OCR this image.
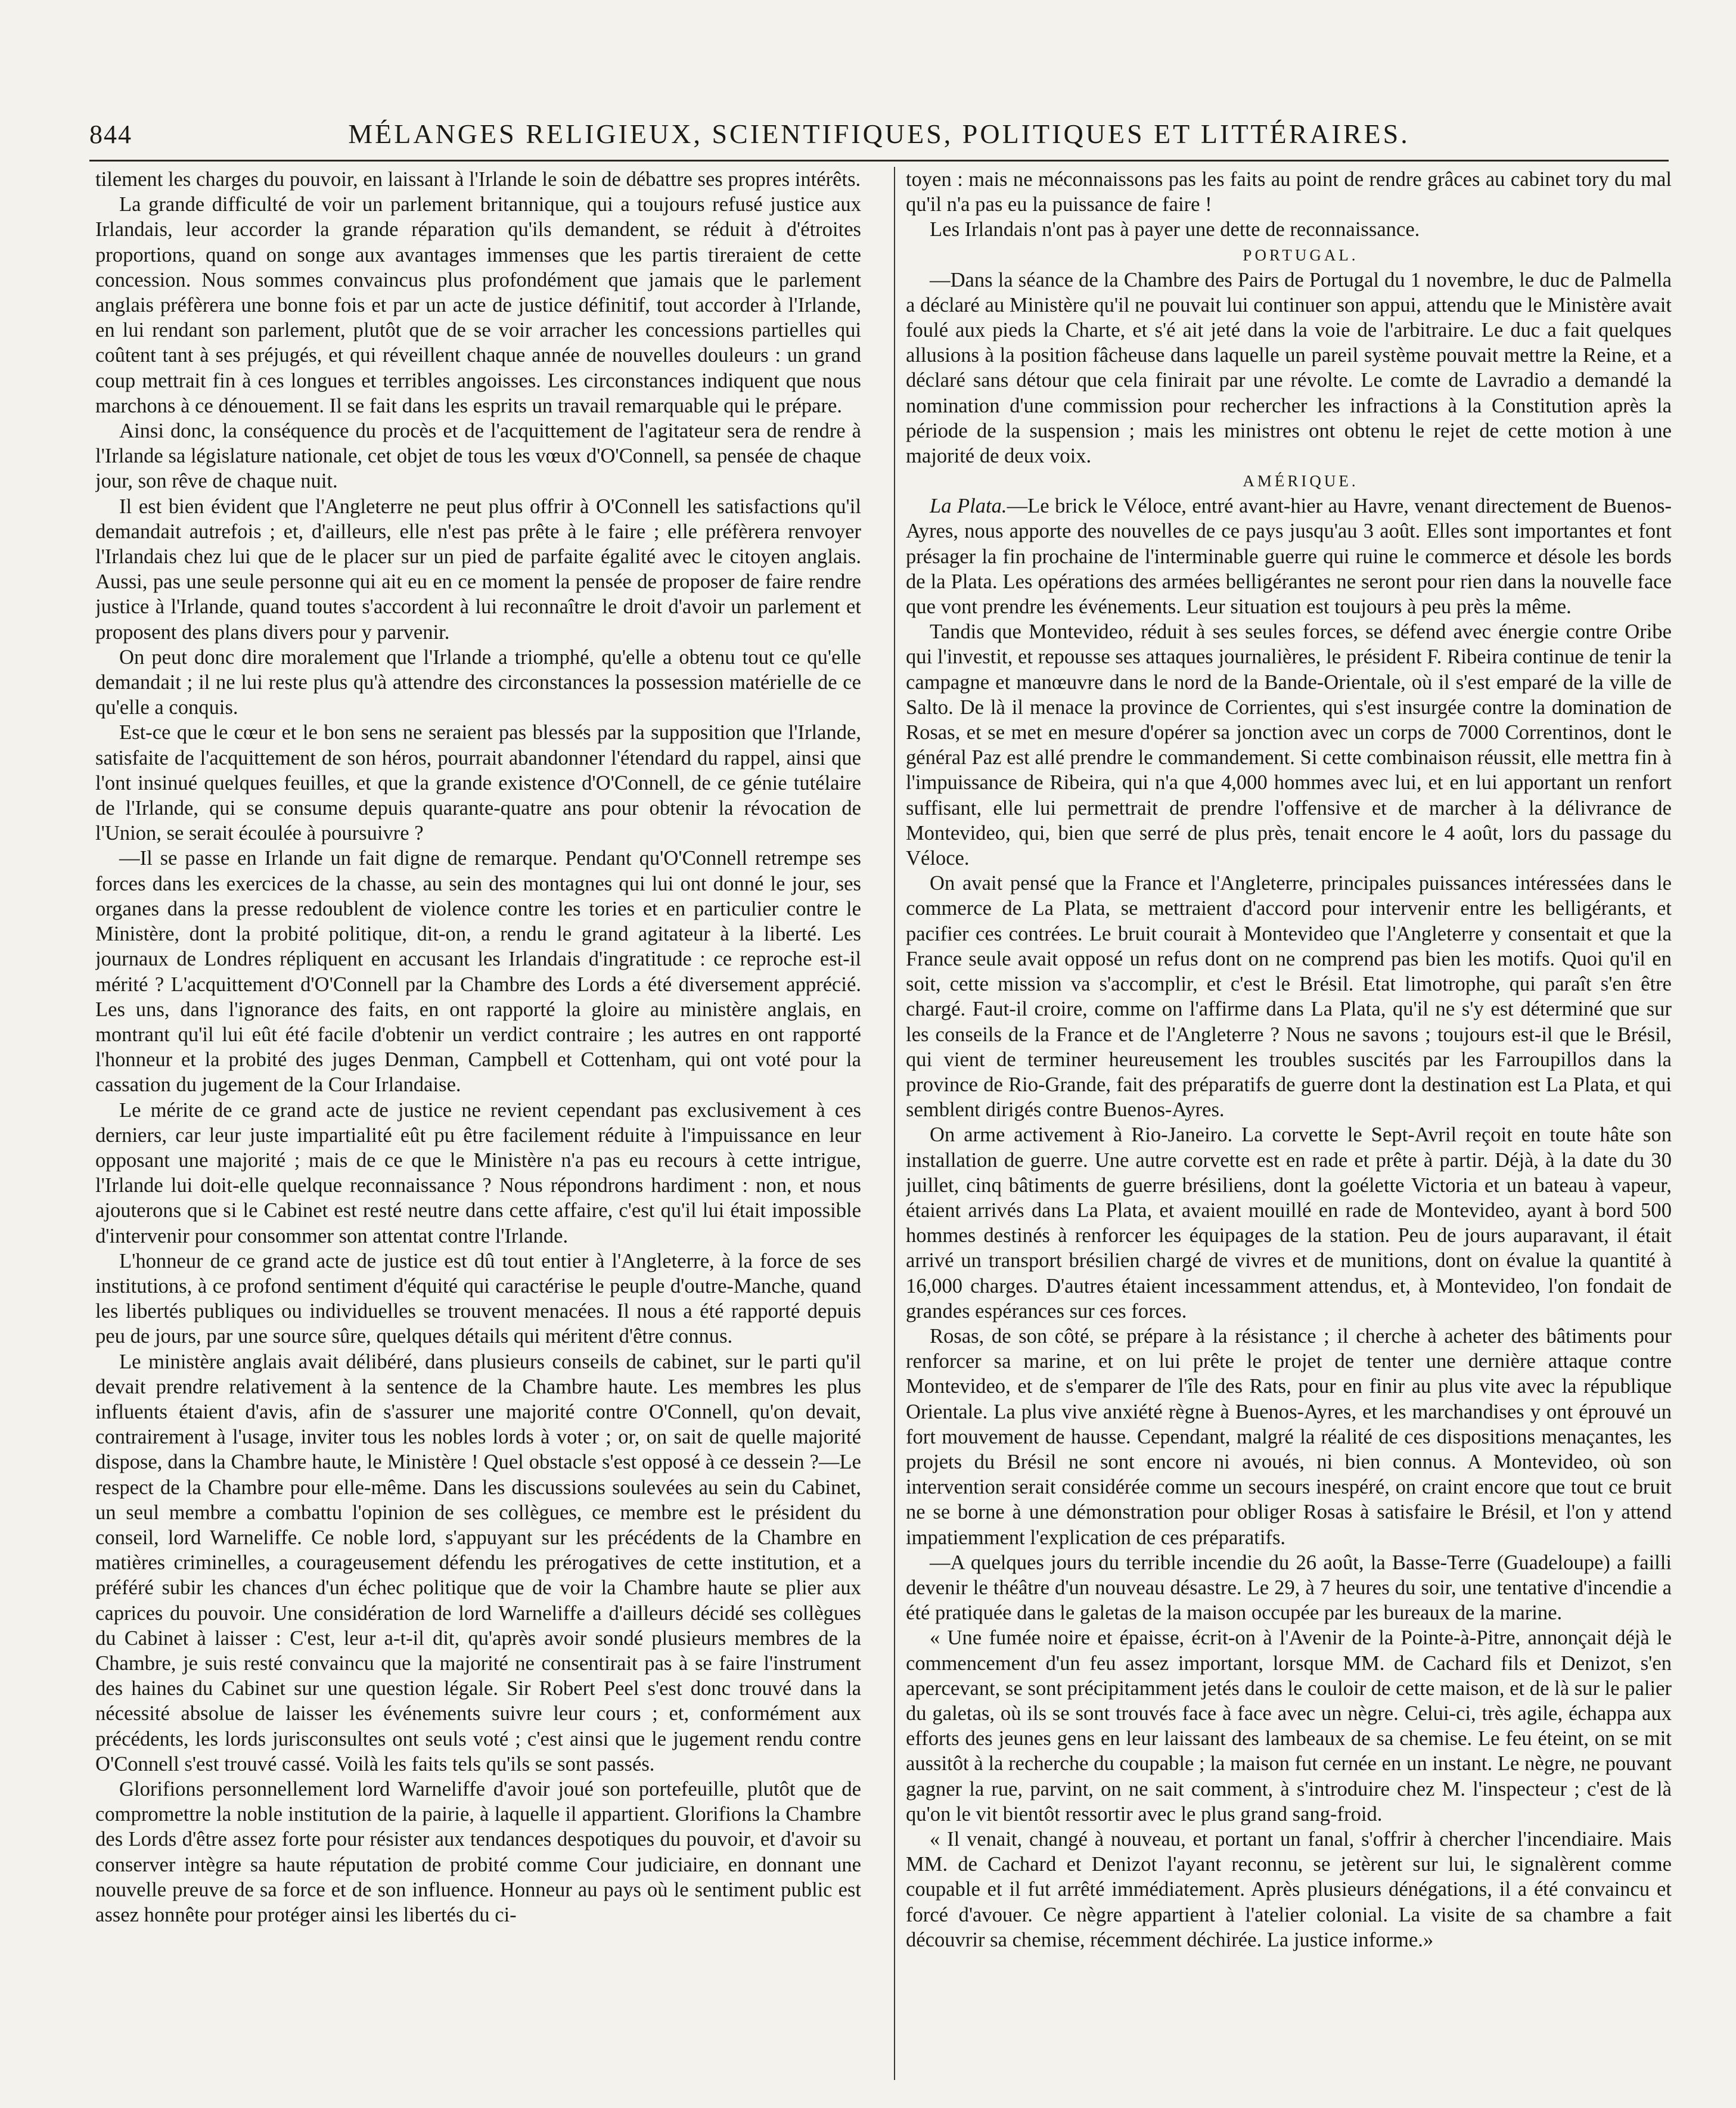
844	MÉLANGES RELIGIEUX, SCIENTIFIQUES, POLITIQUES ET LITTÉRAIRES.

tilement les charges du pouvoir, en laissant à l'Irlande le soin de débattre ses propres intérêts.

La grande difficulté de voir un parlement britannique, qui a toujours refusé justice aux Irlandais, leur accorder la grande réparation qu'ils demandent, se réduit à d'étroites proportions, quand on songe aux avantages immenses que les partis tireraient de cette concession. Nous sommes convaincus plus profondément que jamais que le parlement anglais préfèrera une bonne fois et par un acte de justice définitif, tout accorder à l'Irlande, en lui rendant son parlement, plutôt que de se voir arracher les concessions partielles qui coûtent tant à ses préjugés, et qui réveillent chaque année de nouvelles douleurs : un grand coup mettrait fin à ces longues et terribles angoisses. Les circonstances indiquent que nous marchons à ce dénouement. Il se fait dans les esprits un travail remarquable qui le prépare.

Ainsi donc, la conséquence du procès et de l'acquittement de l'agitateur sera de rendre à l'Irlande sa législature nationale, cet objet de tous les vœux d'O'Connell, sa pensée de chaque jour, son rêve de chaque nuit.

Il est bien évident que l'Angleterre ne peut plus offrir à O'Connell les satisfactions qu'il demandait autrefois ; et, d'ailleurs, elle n'est pas prête à le faire ; elle préfèrera renvoyer l'Irlandais chez lui que de le placer sur un pied de parfaite égalité avec le citoyen anglais. Aussi, pas une seule personne qui ait eu en ce moment la pensée de proposer de faire rendre justice à l'Irlande, quand toutes s'accordent à lui reconnaître le droit d'avoir un parlement et proposent des plans divers pour y parvenir.

On peut donc dire moralement que l'Irlande a triomphé, qu'elle a obtenu tout ce qu'elle demandait ; il ne lui reste plus qu'à attendre des circonstances la possession matérielle de ce qu'elle a conquis.

Est-ce que le cœur et le bon sens ne seraient pas blessés par la supposition que l'Irlande, satisfaite de l'acquittement de son héros, pourrait abandonner l'étendard du rappel, ainsi que l'ont insinué quelques feuilles, et que la grande existence d'O'Connell, de ce génie tutélaire de l'Irlande, qui se consume depuis quarante-quatre ans pour obtenir la révocation de l'Union, se serait écoulée à poursuivre ?

—Il se passe en Irlande un fait digne de remarque. Pendant qu'O'Connell retrempe ses forces dans les exercices de la chasse, au sein des montagnes qui lui ont donné le jour, ses organes dans la presse redoublent de violence contre les tories et en particulier contre le Ministère, dont la probité politique, dit-on, a rendu le grand agitateur à la liberté. Les journaux de Londres répliquent en accusant les Irlandais d'ingratitude : ce reproche est-il mérité ? L'acquittement d'O'Connell par la Chambre des Lords a été diversement apprécié. Les uns, dans l'ignorance des faits, en ont rapporté la gloire au ministère anglais, en montrant qu'il lui eût été facile d'obtenir un verdict contraire ; les autres en ont rapporté l'honneur et la probité des juges Denman, Campbell et Cottenham, qui ont voté pour la cassation du jugement de la Cour Irlandaise.

Le mérite de ce grand acte de justice ne revient cependant pas exclusivement à ces derniers, car leur juste impartialité eût pu être facilement réduite à l'impuissance en leur opposant une majorité ; mais de ce que le Ministère n'a pas eu recours à cette intrigue, l'Irlande lui doit-elle quelque reconnaissance ? Nous répondrons hardiment : non, et nous ajouterons que si le Cabinet est resté neutre dans cette affaire, c'est qu'il lui était impossible d'intervenir pour consommer son attentat contre l'Irlande.

L'honneur de ce grand acte de justice est dû tout entier à l'Angleterre, à la force de ses institutions, à ce profond sentiment d'équité qui caractérise le peuple d'outre-Manche, quand les libertés publiques ou individuelles se trouvent menacées. Il nous a été rapporté depuis peu de jours, par une source sûre, quelques détails qui méritent d'être connus.

Le ministère anglais avait délibéré, dans plusieurs conseils de cabinet, sur le parti qu'il devait prendre relativement à la sentence de la Chambre haute. Les membres les plus influents étaient d'avis, afin de s'assurer une majorité contre O'Connell, qu'on devait, contrairement à l'usage, inviter tous les nobles lords à voter ; or, on sait de quelle majorité dispose, dans la Chambre haute, le Ministère ! Quel obstacle s'est opposé à ce dessein ?—Le respect de la Chambre pour elle-même. Dans les discussions soulevées au sein du Cabinet, un seul membre a combattu l'opinion de ses collègues, ce membre est le président du conseil, lord Warneliffe. Ce noble lord, s'appuyant sur les précédents de la Chambre en matières criminelles, a courageusement défendu les prérogatives de cette institution, et a préféré subir les chances d'un échec politique que de voir la Chambre haute se plier aux caprices du pouvoir. Une considération de lord Warneliffe a d'ailleurs décidé ses collègues du Cabinet à laisser : C'est, leur a-t-il dit, qu'après avoir sondé plusieurs membres de la Chambre, je suis resté convaincu que la majorité ne consentirait pas à se faire l'instrument des haines du Cabinet sur une question légale. Sir Robert Peel s'est donc trouvé dans la nécessité absolue de laisser les événements suivre leur cours ; et, conformément aux précédents, les lords jurisconsultes ont seuls voté ; c'est ainsi que le jugement rendu contre O'Connell s'est trouvé cassé. Voilà les faits tels qu'ils se sont passés.

Glorifions personnellement lord Warneliffe d'avoir joué son portefeuille, plutôt que de compromettre la noble institution de la pairie, à laquelle il appartient. Glorifions la Chambre des Lords d'être assez forte pour résister aux tendances despotiques du pouvoir, et d'avoir su conserver intègre sa haute réputation de probité comme Cour judiciaire, en donnant une nouvelle preuve de sa force et de son influence. Honneur au pays où le sentiment public est assez honnête pour protéger ainsi les libertés du ci-

toyen : mais ne méconnaissons pas les faits au point de rendre grâces au cabinet tory du mal qu'il n'a pas eu la puissance de faire !

Les Irlandais n'ont pas à payer une dette de reconnaissance.

PORTUGAL.

—Dans la séance de la Chambre des Pairs de Portugal du 1 novembre, le duc de Palmella a déclaré au Ministère qu'il ne pouvait lui continuer son appui, attendu que le Ministère avait foulé aux pieds la Charte, et s'é ait jeté dans la voie de l'arbitraire. Le duc a fait quelques allusions à la position fâcheuse dans laquelle un pareil système pouvait mettre la Reine, et a déclaré sans détour que cela finirait par une révolte. Le comte de Lavradio a demandé la nomination d'une commission pour rechercher les infractions à la Constitution après la période de la suspension ; mais les ministres ont obtenu le rejet de cette motion à une majorité de deux voix.

AMÉRIQUE.

La Plata.—Le brick le Véloce, entré avant-hier au Havre, venant directement de Buenos-Ayres, nous apporte des nouvelles de ce pays jusqu'au 3 août. Elles sont importantes et font présager la fin prochaine de l'interminable guerre qui ruine le commerce et désole les bords de la Plata. Les opérations des armées belligérantes ne seront pour rien dans la nouvelle face que vont prendre les événements. Leur situation est toujours à peu près la même.

Tandis que Montevideo, réduit à ses seules forces, se défend avec énergie contre Oribe qui l'investit, et repousse ses attaques journalières, le président F. Ribeira continue de tenir la campagne et manœuvre dans le nord de la Bande-Orientale, où il s'est emparé de la ville de Salto. De là il menace la province de Corrientes, qui s'est insurgée contre la domination de Rosas, et se met en mesure d'opérer sa jonction avec un corps de 7000 Correntinos, dont le général Paz est allé prendre le commandement. Si cette combinaison réussit, elle mettra fin à l'impuissance de Ribeira, qui n'a que 4,000 hommes avec lui, et en lui apportant un renfort suffisant, elle lui permettrait de prendre l'offensive et de marcher à la délivrance de Montevideo, qui, bien que serré de plus près, tenait encore le 4 août, lors du passage du Véloce.

On avait pensé que la France et l'Angleterre, principales puissances intéressées dans le commerce de La Plata, se mettraient d'accord pour intervenir entre les belligérants, et pacifier ces contrées. Le bruit courait à Montevideo que l'Angleterre y consentait et que la France seule avait opposé un refus dont on ne comprend pas bien les motifs. Quoi qu'il en soit, cette mission va s'accomplir, et c'est le Brésil. Etat limotrophe, qui paraît s'en être chargé. Faut-il croire, comme on l'affirme dans La Plata, qu'il ne s'y est déterminé que sur les conseils de la France et de l'Angleterre ? Nous ne savons ; toujours est-il que le Brésil, qui vient de terminer heureusement les troubles suscités par les Farroupillos dans la province de Rio-Grande, fait des préparatifs de guerre dont la destination est La Plata, et qui semblent dirigés contre Buenos-Ayres.

On arme activement à Rio-Janeiro. La corvette le Sept-Avril reçoit en toute hâte son installation de guerre. Une autre corvette est en rade et prête à partir. Déjà, à la date du 30 juillet, cinq bâtiments de guerre brésiliens, dont la goélette Victoria et un bateau à vapeur, étaient arrivés dans La Plata, et avaient mouillé en rade de Montevideo, ayant à bord 500 hommes destinés à renforcer les équipages de la station. Peu de jours auparavant, il était arrivé un transport brésilien chargé de vivres et de munitions, dont on évalue la quantité à 16,000 charges. D'autres étaient incessamment attendus, et, à Montevideo, l'on fondait de grandes espérances sur ces forces.

Rosas, de son côté, se prépare à la résistance ; il cherche à acheter des bâtiments pour renforcer sa marine, et on lui prête le projet de tenter une dernière attaque contre Montevideo, et de s'emparer de l'île des Rats, pour en finir au plus vite avec la république Orientale. La plus vive anxiété règne à Buenos-Ayres, et les marchandises y ont éprouvé un fort mouvement de hausse. Cependant, malgré la réalité de ces dispositions menaçantes, les projets du Brésil ne sont encore ni avoués, ni bien connus. A Montevideo, où son intervention serait considérée comme un secours inespéré, on craint encore que tout ce bruit ne se borne à une démonstration pour obliger Rosas à satisfaire le Brésil, et l'on y attend impatiemment l'explication de ces préparatifs.

—A quelques jours du terrible incendie du 26 août, la Basse-Terre (Guadeloupe) a failli devenir le théâtre d'un nouveau désastre. Le 29, à 7 heures du soir, une tentative d'incendie a été pratiquée dans le galetas de la maison occupée par les bureaux de la marine.

« Une fumée noire et épaisse, écrit-on à l'Avenir de la Pointe-à-Pitre, annonçait déjà le commencement d'un feu assez important, lorsque MM. de Cachard fils et Denizot, s'en apercevant, se sont précipitamment jetés dans le couloir de cette maison, et de là sur le palier du galetas, où ils se sont trouvés face à face avec un nègre. Celui-ci, très agile, échappa aux efforts des jeunes gens en leur laissant des lambeaux de sa chemise. Le feu éteint, on se mit aussitôt à la recherche du coupable ; la maison fut cernée en un instant. Le nègre, ne pouvant gagner la rue, parvint, on ne sait comment, à s'introduire chez M. l'inspecteur ; c'est de là qu'on le vit bientôt ressortir avec le plus grand sang-froid.

« Il venait, changé à nouveau, et portant un fanal, s'offrir à chercher l'incendiaire. Mais MM. de Cachard et Denizot l'ayant reconnu, se jetèrent sur lui, le signalèrent comme coupable et il fut arrêté immédiatement. Après plusieurs dénégations, il a été convaincu et forcé d'avouer. Ce nègre appartient à l'atelier colonial. La visite de sa chambre a fait découvrir sa chemise, récemment déchirée. La justice informe.»
